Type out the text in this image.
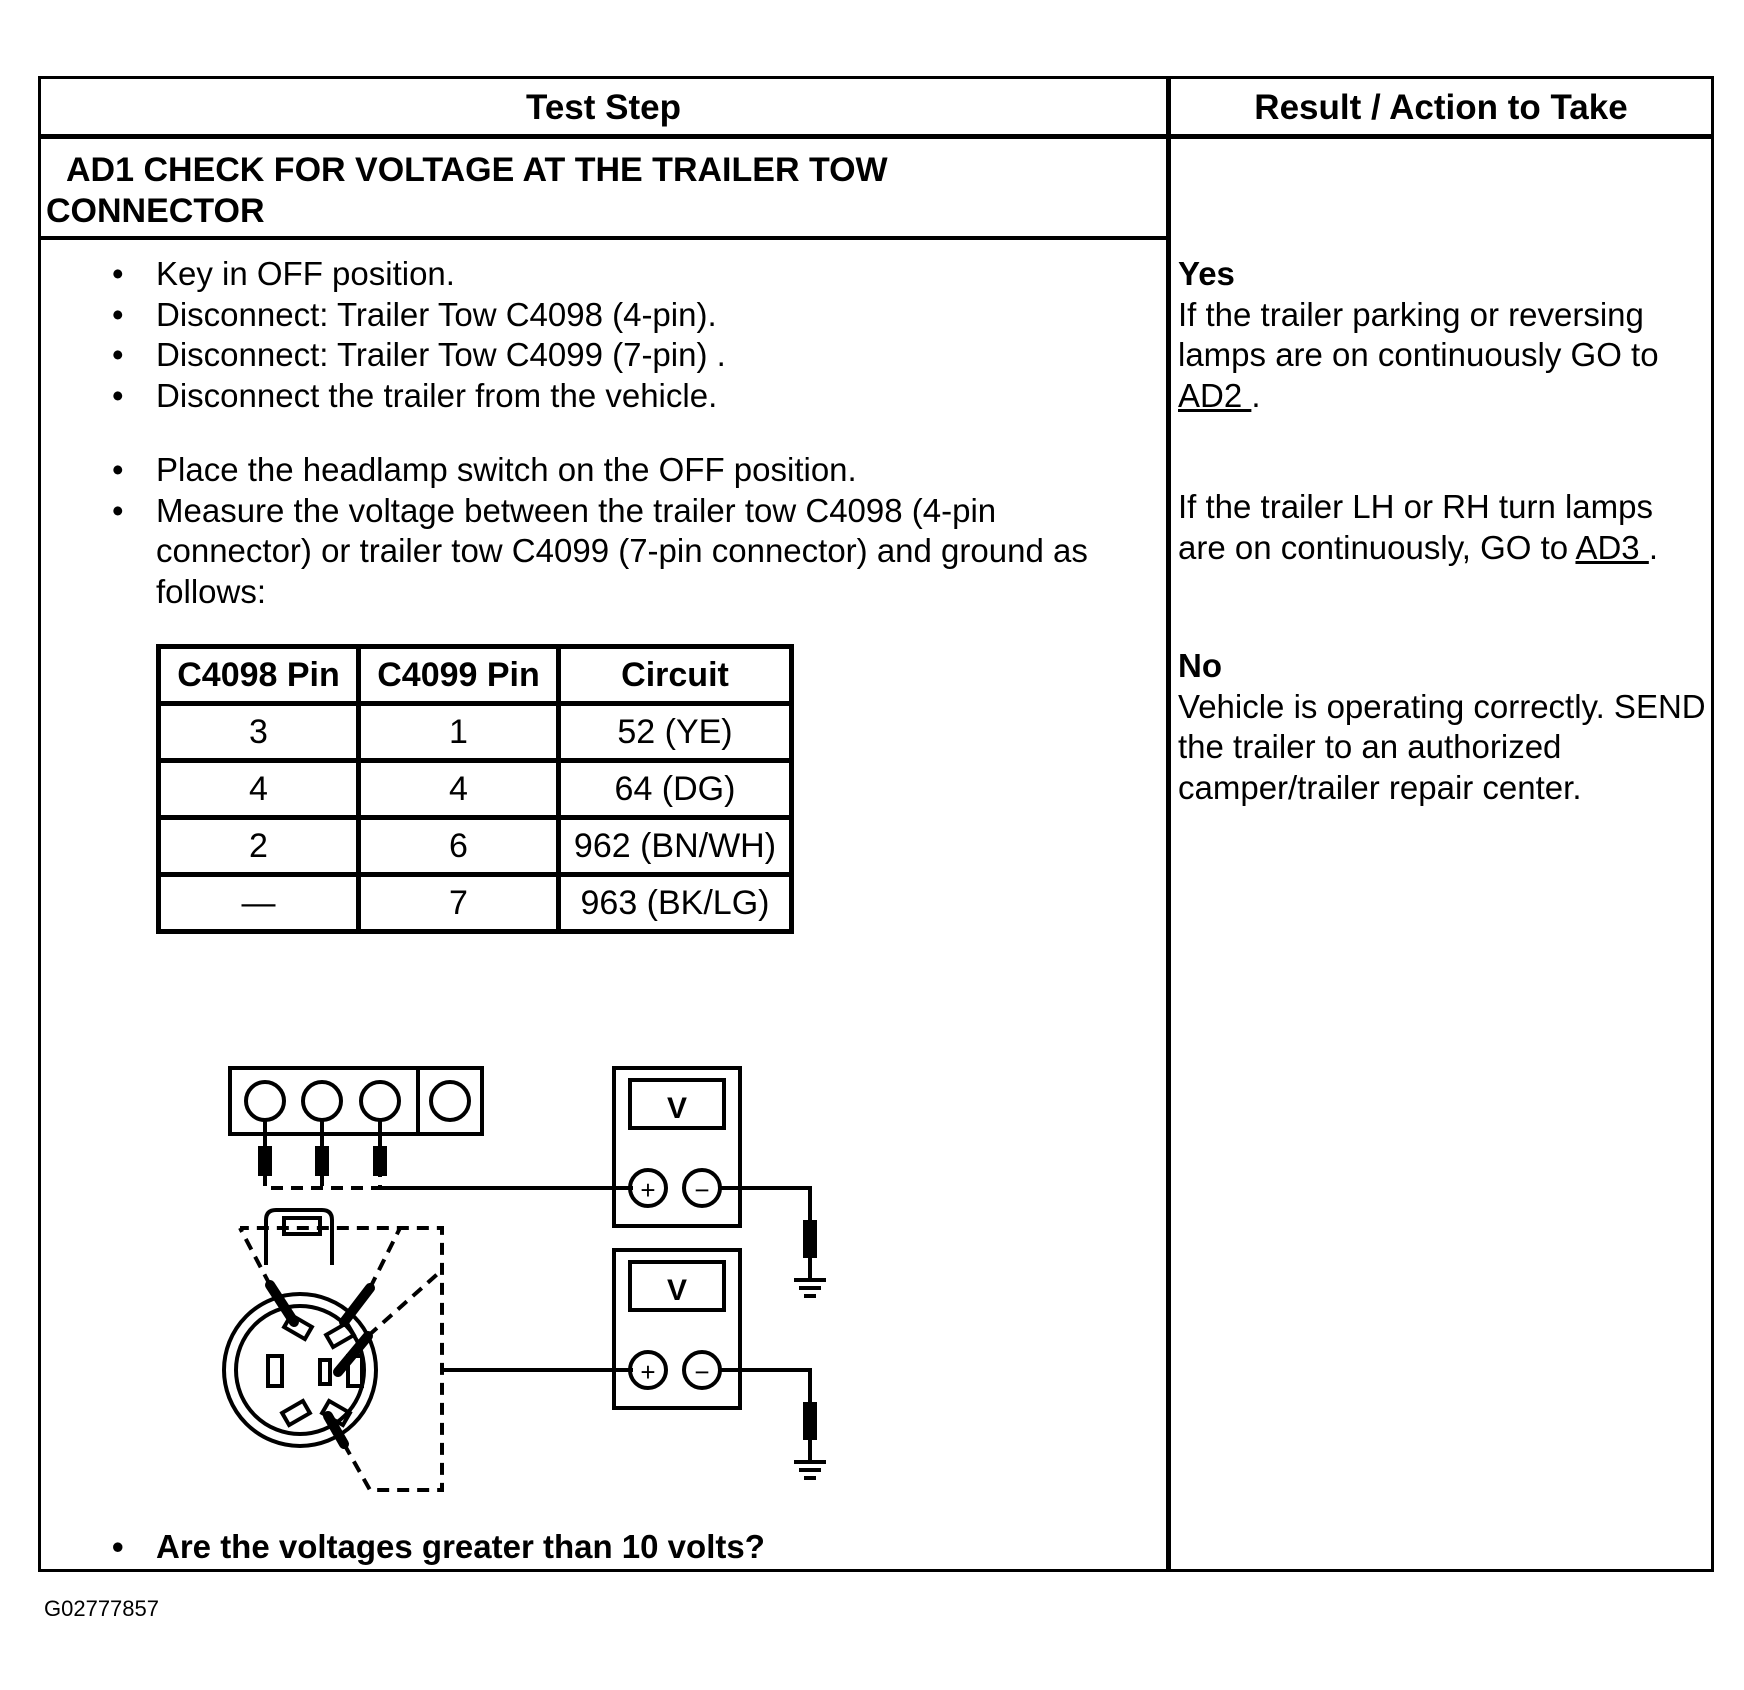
Test Step	Result / Action to Take
AD1 CHECK FOR VOLTAGE AT THE TRAILER TOW
CONNECTOR
• Key in OFF position.
• Disconnect: Trailer Tow C4098 (4-pin).
• Disconnect: Trailer Tow C4099 (7-pin) .
• Disconnect the trailer from the vehicle.
• Place the headlamp switch on the OFF position.
• Measure the voltage between the trailer tow C4098 (4-pin connector) or trailer tow C4099 (7-pin connector) and ground as follows:
C4098 Pin	C4099 Pin	Circuit
3	1	52 (YE)
4	4	64 (DG)
2	6	962 (BN/WH)
—	7	963 (BK/LG)
V
+ −
V
+ −
• Are the voltages greater than 10 volts?
Yes
If the trailer parking or reversing lamps are on continuously GO to AD2 .
If the trailer LH or RH turn lamps are on continuously, GO to AD3 .
No
Vehicle is operating correctly. SEND the trailer to an authorized camper/trailer repair center.
G02777857
